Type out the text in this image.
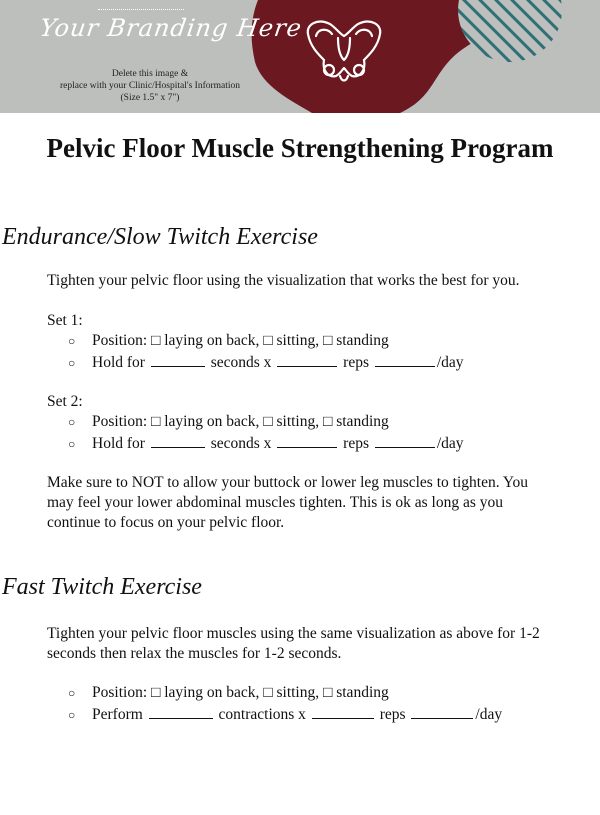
Your Branding Here
Delete this image &
replace with your Clinic/Hospital's Information
(Size 1.5" x 7")
Pelvic Floor Muscle Strengthening Program
Endurance/Slow Twitch Exercise
Tighten your pelvic floor using the visualization that works the best for you.
Set 1:
○ Position: □ laying on back, □ sitting, □ standing
○ Hold for	seconds x	reps	/day
Set 2:
○ Position: □ laying on back, □ sitting, □ standing
○ Hold for	seconds x	reps	/day
Make sure to NOT to allow your buttock or lower leg muscles to tighten. You
may feel your lower abdominal muscles tighten. This is ok as long as you
continue to focus on your pelvic floor.
Fast Twitch Exercise
Tighten your pelvic floor muscles using the same visualization as above for 1-2
seconds then relax the muscles for 1-2 seconds.
○ Position: □ laying on back, □ sitting, □ standing
○ Perform	contractions x	reps	/day
